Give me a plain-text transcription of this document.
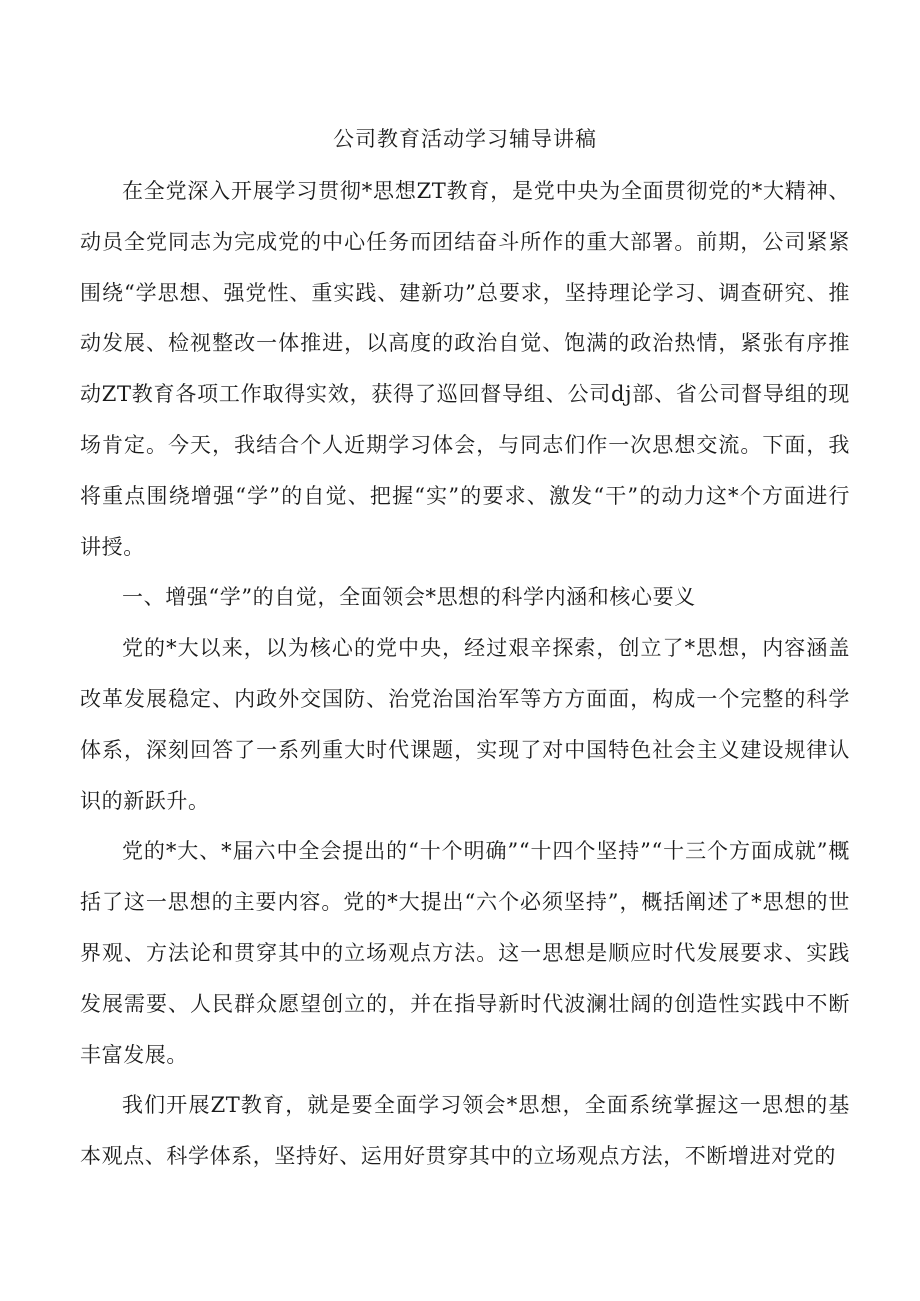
公司教育活动学习辅导讲稿

在全党深入开展学习贯彻*思想ZT教育，是党中央为全面贯彻党的*大精神、动员全党同志为完成党的中心任务而团结奋斗所作的重大部署。前期，公司紧紧围绕“学思想、强党性、重实践、建新功”总要求，坚持理论学习、调查研究、推动发展、检视整改一体推进，以高度的政治自觉、饱满的政治热情，紧张有序推动ZT教育各项工作取得实效，获得了巡回督导组、公司dj部、省公司督导组的现场肯定。今天，我结合个人近期学习体会，与同志们作一次思想交流。下面，我将重点围绕增强“学”的自觉、把握“实”的要求、激发“干”的动力这*个方面进行讲授。

一、增强“学”的自觉，全面领会*思想的科学内涵和核心要义

党的*大以来，以为核心的党中央，经过艰辛探索，创立了*思想，内容涵盖改革发展稳定、内政外交国防、治党治国治军等方方面面，构成一个完整的科学体系，深刻回答了一系列重大时代课题，实现了对中国特色社会主义建设规律认识的新跃升。

党的*大、*届六中全会提出的“十个明确”“十四个坚持”“十三个方面成就”概括了这一思想的主要内容。党的*大提出“六个必须坚持”，概括阐述了*思想的世界观、方法论和贯穿其中的立场观点方法。这一思想是顺应时代发展要求、实践发展需要、人民群众愿望创立的，并在指导新时代波澜壮阔的创造性实践中不断丰富发展。

我们开展ZT教育，就是要全面学习领会*思想，全面系统掌握这一思想的基本观点、科学体系，坚持好、运用好贯穿其中的立场观点方法，不断增进对党的
